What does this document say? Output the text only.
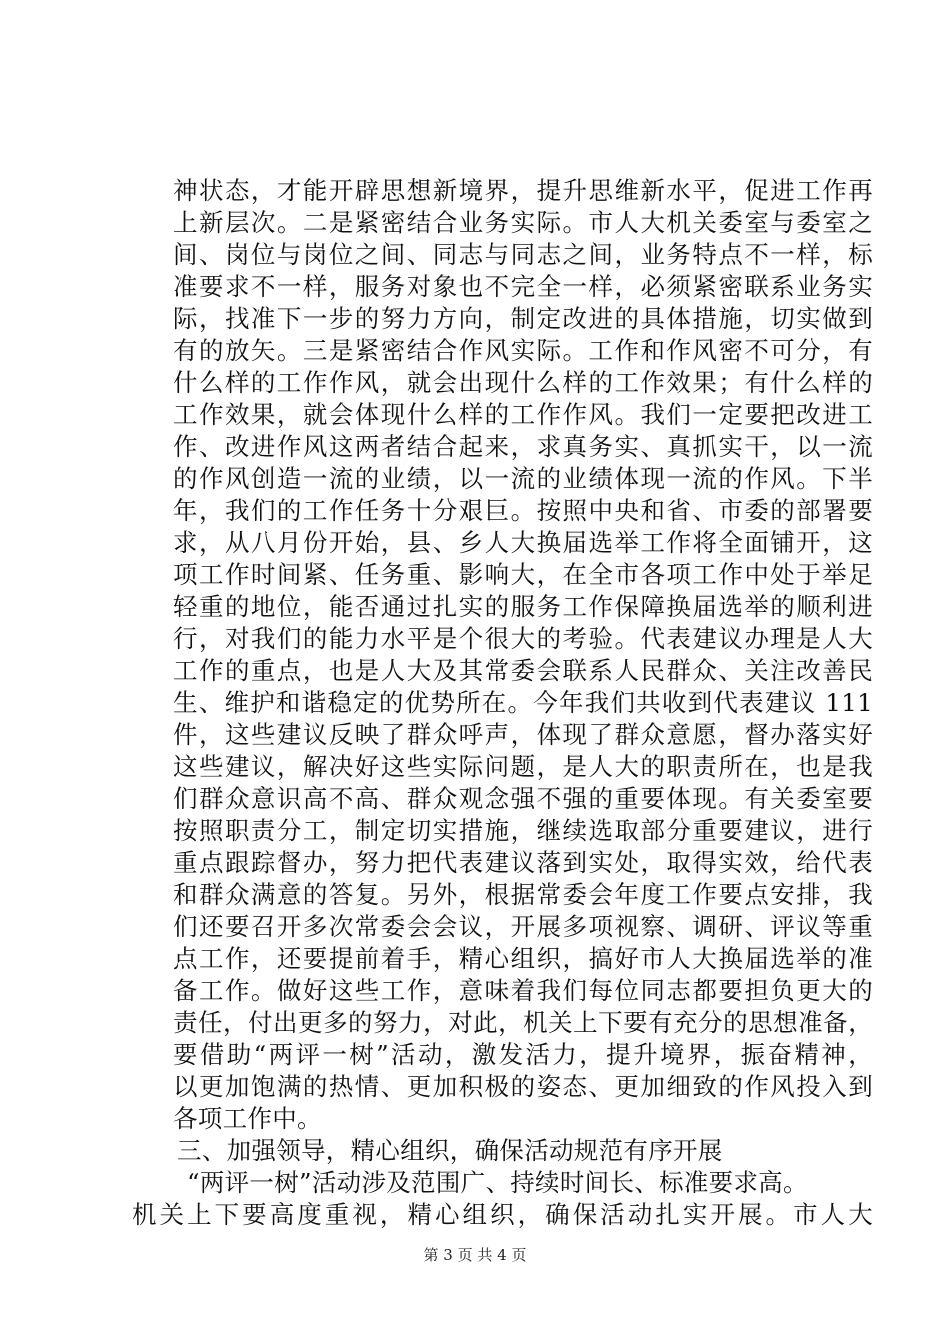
神状态，才能开辟思想新境界，提升思维新水平，促进工作再
上新层次。二是紧密结合业务实际。市人大机关委室与委室之
间、岗位与岗位之间、同志与同志之间，业务特点不一样，标
准要求不一样，服务对象也不完全一样，必须紧密联系业务实
际，找准下一步的努力方向，制定改进的具体措施，切实做到
有的放矢。三是紧密结合作风实际。工作和作风密不可分，有
什么样的工作作风，就会出现什么样的工作效果；有什么样的
工作效果，就会体现什么样的工作作风。我们一定要把改进工
作、改进作风这两者结合起来，求真务实、真抓实干，以一流
的作风创造一流的业绩，以一流的业绩体现一流的作风。下半
年，我们的工作任务十分艰巨。按照中央和省、市委的部署要
求，从八月份开始，县、乡人大换届选举工作将全面铺开，这
项工作时间紧、任务重、影响大，在全市各项工作中处于举足
轻重的地位，能否通过扎实的服务工作保障换届选举的顺利进
行，对我们的能力水平是个很大的考验。代表建议办理是人大
工作的重点，也是人大及其常委会联系人民群众、关注改善民
生、维护和谐稳定的优势所在。今年我们共收到代表建议 111
件，这些建议反映了群众呼声，体现了群众意愿，督办落实好
这些建议，解决好这些实际问题，是人大的职责所在，也是我
们群众意识高不高、群众观念强不强的重要体现。有关委室要
按照职责分工，制定切实措施，继续选取部分重要建议，进行
重点跟踪督办，努力把代表建议落到实处，取得实效，给代表
和群众满意的答复。另外，根据常委会年度工作要点安排，我
们还要召开多次常委会会议，开展多项视察、调研、评议等重
点工作，还要提前着手，精心组织，搞好市人大换届选举的准
备工作。做好这些工作，意味着我们每位同志都要担负更大的
责任，付出更多的努力，对此，机关上下要有充分的思想准备，
要借助“两评一树”活动，激发活力，提升境界，振奋精神，
以更加饱满的热情、更加积极的姿态、更加细致的作风投入到
各项工作中。
三、加强领导，精心组织，确保活动规范有序开展
“两评一树”活动涉及范围广、持续时间长、标准要求高。
机关上下要高度重视，精心组织，确保活动扎实开展。市人大
第 3 页 共 4 页
